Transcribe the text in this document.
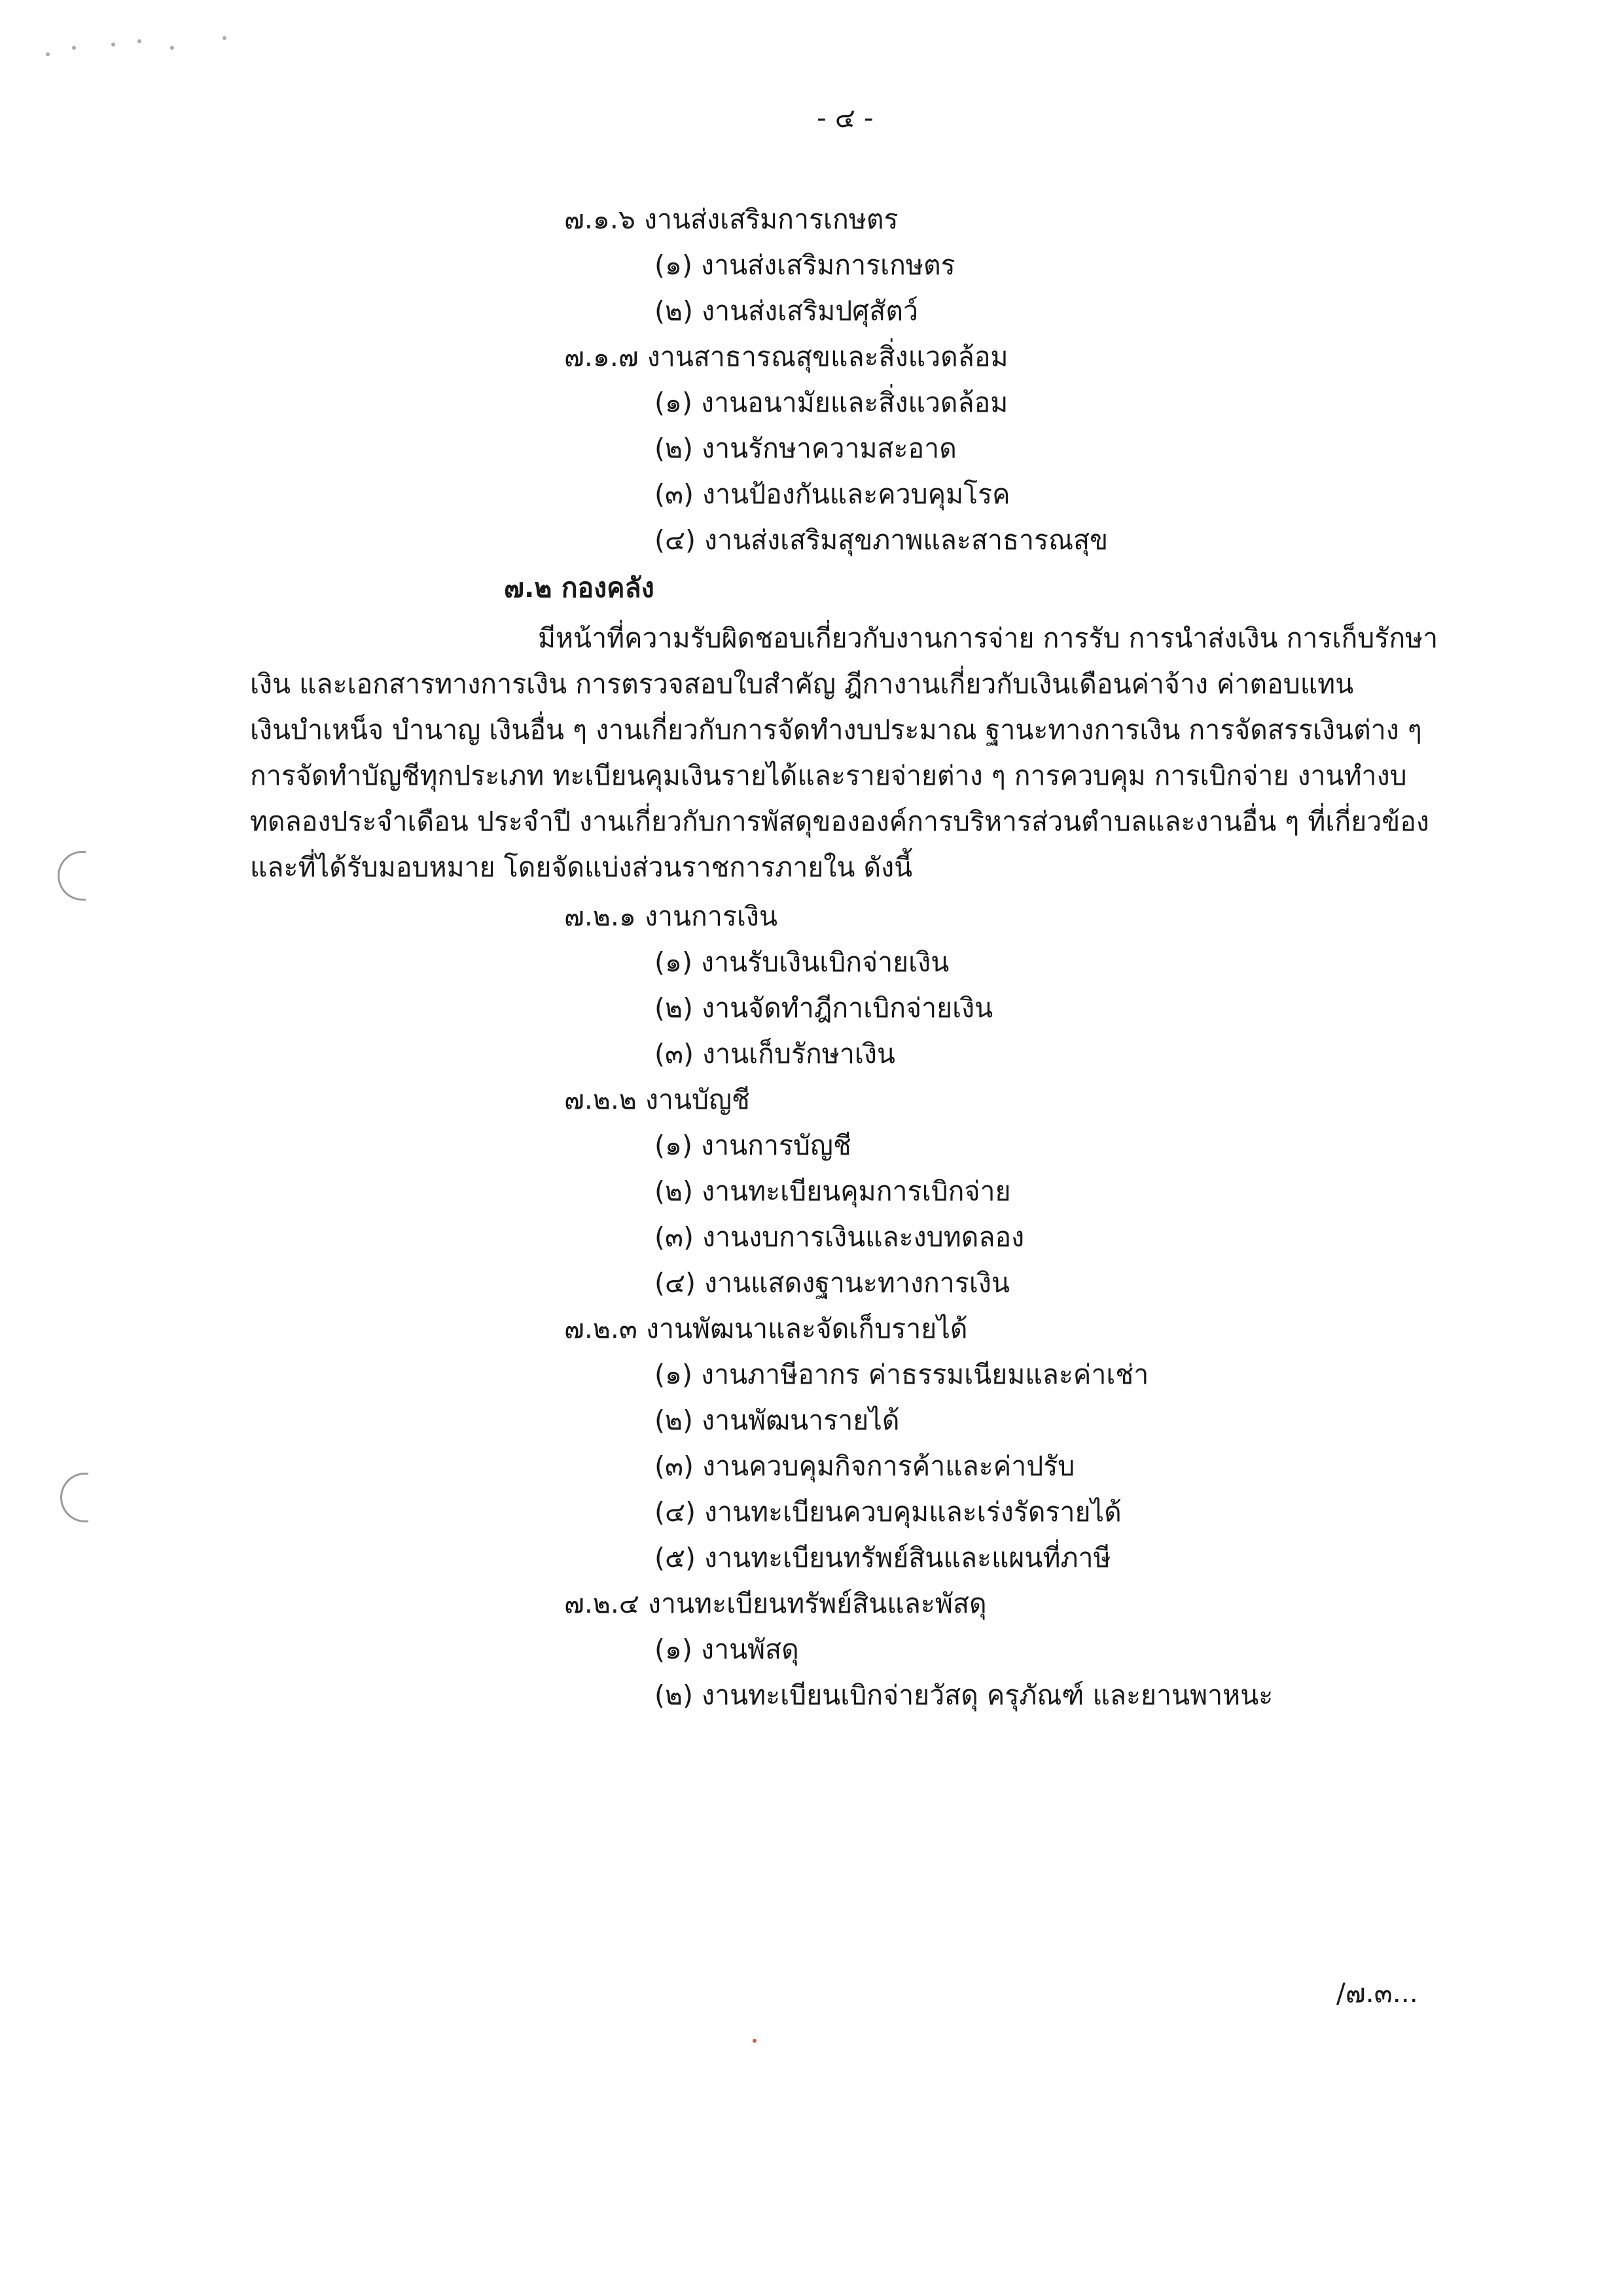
- ๔ -
๗.๑.๖ งานส่งเสริมการเกษตร
(๑) งานส่งเสริมการเกษตร
(๒) งานส่งเสริมปศุสัตว์
๗.๑.๗ งานสาธารณสุขและสิ่งแวดล้อม
(๑) งานอนามัยและสิ่งแวดล้อม
(๒) งานรักษาความสะอาด
(๓) งานป้องกันและควบคุมโรค
(๔) งานส่งเสริมสุขภาพและสาธารณสุข
๗.๒ กองคลัง
มีหน้าที่ความรับผิดชอบเกี่ยวกับงานการจ่าย การรับ การนำส่งเงิน การเก็บรักษา
เงิน และเอกสารทางการเงิน การตรวจสอบใบสำคัญ ฎีกางานเกี่ยวกับเงินเดือนค่าจ้าง ค่าตอบแทน
เงินบำเหน็จ บำนาญ เงินอื่น ๆ งานเกี่ยวกับการจัดทำงบประมาณ ฐานะทางการเงิน การจัดสรรเงินต่าง ๆ
การจัดทำบัญชีทุกประเภท ทะเบียนคุมเงินรายได้และรายจ่ายต่าง ๆ การควบคุม การเบิกจ่าย งานทำงบ
ทดลองประจำเดือน ประจำปี งานเกี่ยวกับการพัสดุขององค์การบริหารส่วนตำบลและงานอื่น ๆ ที่เกี่ยวข้อง
และที่ได้รับมอบหมาย โดยจัดแบ่งส่วนราชการภายใน ดังนี้
๗.๒.๑ งานการเงิน
(๑) งานรับเงินเบิกจ่ายเงิน
(๒) งานจัดทำฎีกาเบิกจ่ายเงิน
(๓) งานเก็บรักษาเงิน
๗.๒.๒ งานบัญชี
(๑) งานการบัญชี
(๒) งานทะเบียนคุมการเบิกจ่าย
(๓) งานงบการเงินและงบทดลอง
(๔) งานแสดงฐานะทางการเงิน
๗.๒.๓ งานพัฒนาและจัดเก็บรายได้
(๑) งานภาษีอากร ค่าธรรมเนียมและค่าเช่า
(๒) งานพัฒนารายได้
(๓) งานควบคุมกิจการค้าและค่าปรับ
(๔) งานทะเบียนควบคุมและเร่งรัดรายได้
(๕) งานทะเบียนทรัพย์สินและแผนที่ภาษี
๗.๒.๔ งานทะเบียนทรัพย์สินและพัสดุ
(๑) งานพัสดุ
(๒) งานทะเบียนเบิกจ่ายวัสดุ ครุภัณฑ์ และยานพาหนะ
/๗.๓...
